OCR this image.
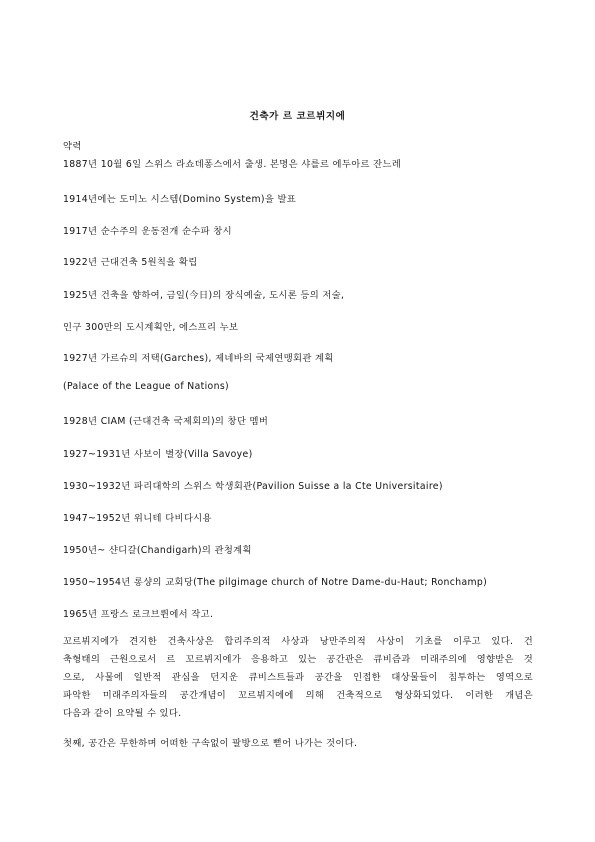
건축가 르 코르뷔지에
약력
1887년 10월 6일 스위스 라쇼데퐁스에서 출생. 본명은 샤를르 에두아르 잔느레
1914년에는 도미노 시스템(Domino System)을 발표
1917년 순수주의 운동전개 순수파 창시
1922년 근대건축 5원칙을 확립
1925년 건축을 향하여, 금일(今日)의 장식예술, 도시론 등의 저술,
인구 300만의 도시계획안, 에스프리 누보
1927년 가르슈의 저택(Garches), 제네바의 국제연맹회관 계획
(Palace of the League of Nations)
1928년 CIAM (근대건축 국제회의)의 창단 멤버
1927~1931년 사보이 별장(Villa Savoye)
1930~1932년 파리대학의 스위스 학생회관(Pavilion Suisse a la Cte Universitaire)
1947~1952년 위니테 다비다시용
1950년~ 샨디갈(Chandigarh)의 관청계획
1950~1954년 롱샹의 교회당(The pilgimage church of Notre Dame-du-Haut; Ronchamp)
1965년 프랑스 로크브륀에서 작고.
꼬르뷔지에가 견지한 건축사상은 합리주의적 사상과 낭만주의적 사상이 기초를 이루고 있다. 건
축형태의 근원으로서 르 꼬르뷔지에가 응용하고 있는 공간관은 큐비즘과 미래주의에 영향받은 것
으로, 사물에 일반적 관심을 던지운 큐비스트들과 공간을 인접한 대상물들이 침투하는 영역으로
파악한 미래주의자들의 공간개념이 꼬르뷔지에에 의해 건축적으로 형상화되었다. 이러한 개념은
다음과 같이 요약될 수 있다.
첫째, 공간은 무한하며 어떠한 구속없이 팔방으로 뻗어 나가는 것이다.
